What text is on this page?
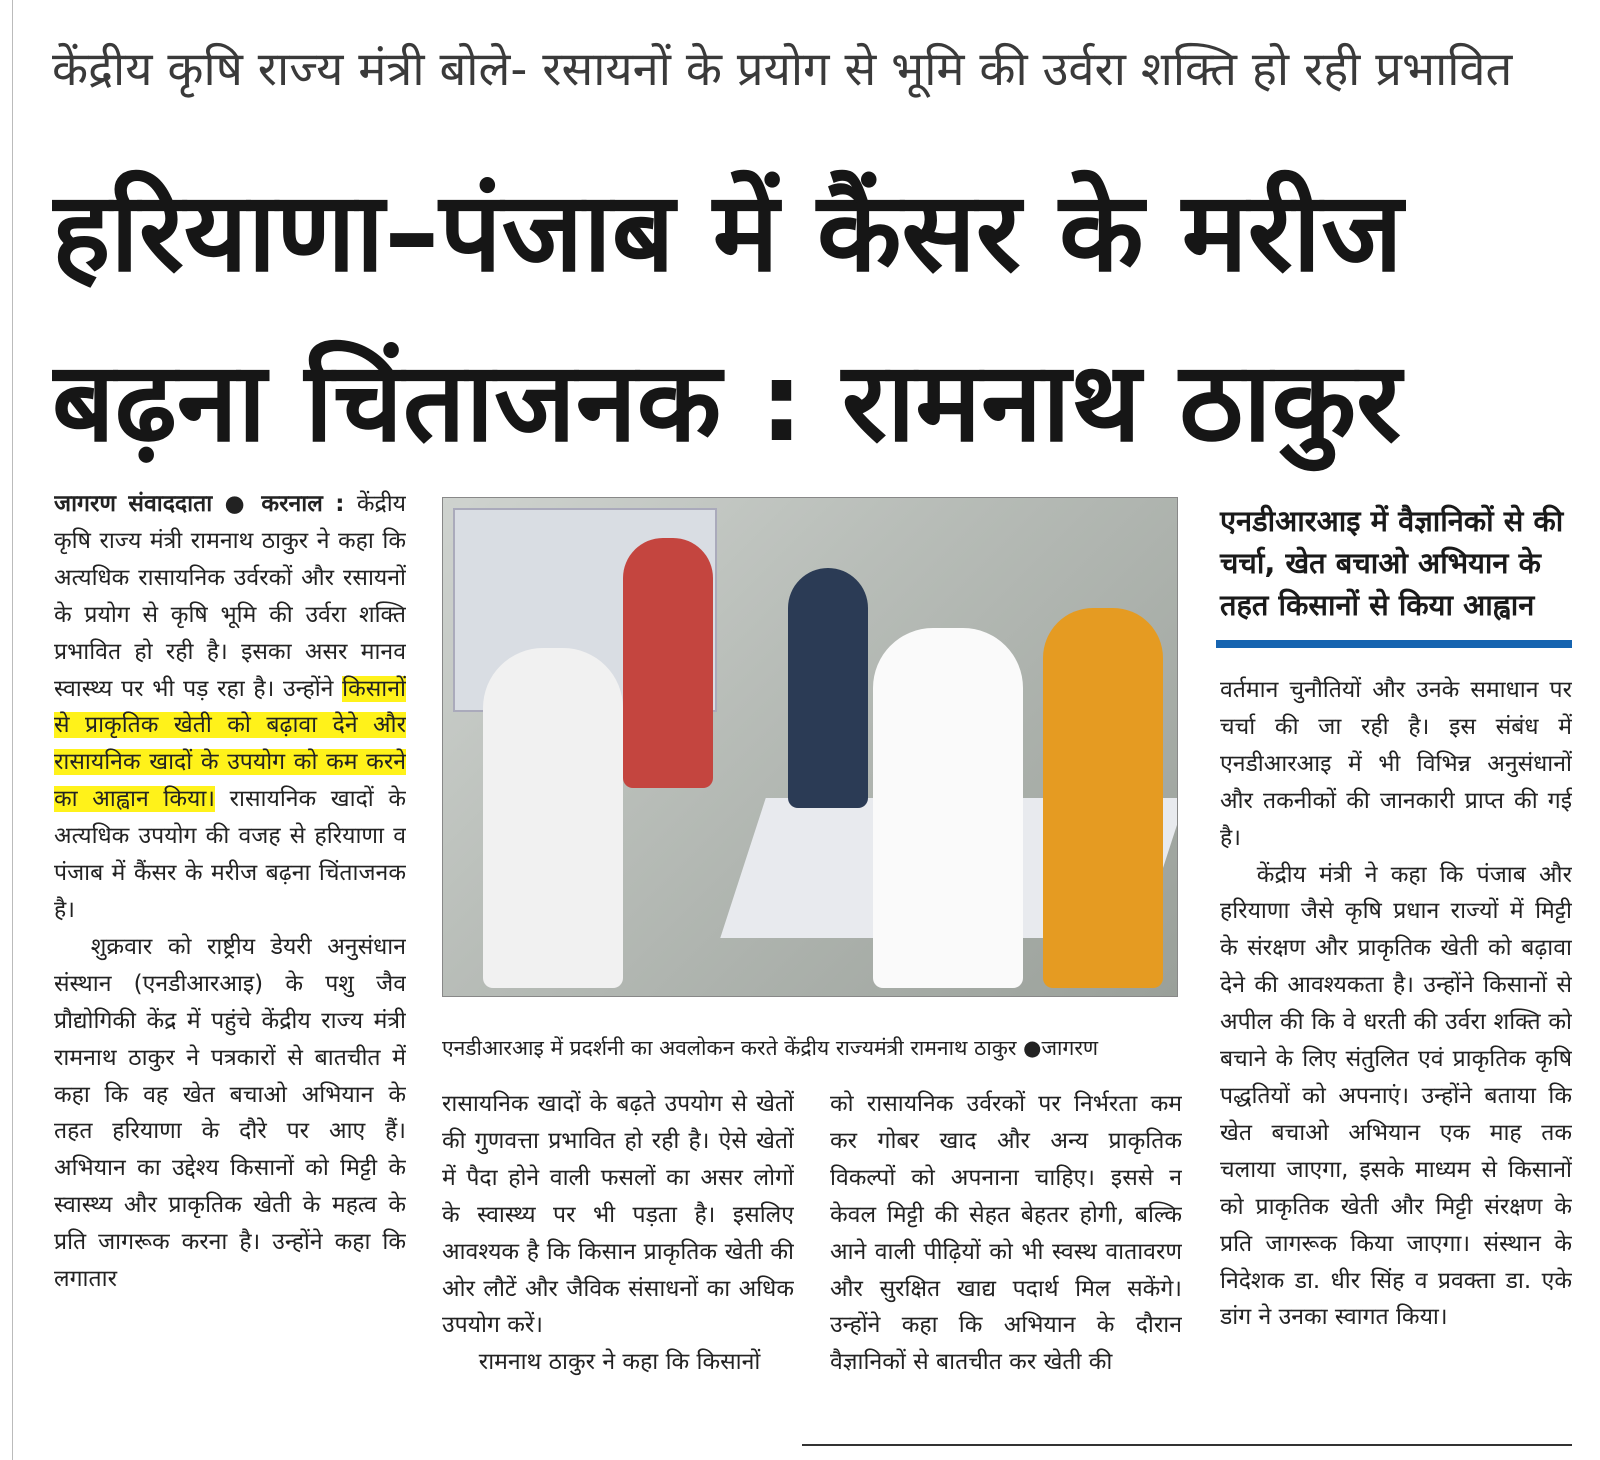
केंद्रीय कृषि राज्य मंत्री बोले- रसायनों के प्रयोग से भूमि की उर्वरा शक्ति हो रही प्रभावित
हरियाणा–पंजाब में कैंसर के मरीज
बढ़ना चिंताजनक : रामनाथ ठाकुर

जागरण संवाददाता ● करनाल : केंद्रीय कृषि राज्य मंत्री रामनाथ ठाकुर ने कहा कि अत्यधिक रासायनिक उर्वरकों और रसायनों के प्रयोग से कृषि भूमि की उर्वरा शक्ति प्रभावित हो रही है। इसका असर मानव स्वास्थ्य पर भी पड़ रहा है। उन्होंने किसानों से प्राकृतिक खेती को बढ़ावा देने और रासायनिक खादों के उपयोग को कम करने का आह्वान किया। रासायनिक खादों के अत्यधिक उपयोग की वजह से हरियाणा व पंजाब में कैंसर के मरीज बढ़ना चिंताजनक है।

शुक्रवार को राष्ट्रीय डेयरी अनुसंधान संस्थान (एनडीआरआइ) के पशु जैव प्रौद्योगिकी केंद्र में पहुंचे केंद्रीय राज्य मंत्री रामनाथ ठाकुर ने पत्रकारों से बातचीत में कहा कि वह खेत बचाओ अभियान के तहत हरियाणा के दौरे पर आए हैं। अभियान का उद्देश्य किसानों को मिट्टी के स्वास्थ्य और प्राकृतिक खेती के महत्व के प्रति जागरूक करना है। उन्होंने कहा कि लगातार

एनडीआरआइ में प्रदर्शनी का अवलोकन करते केंद्रीय राज्यमंत्री रामनाथ ठाकुर ●जागरण

रासायनिक खादों के बढ़ते उपयोग से खेतों की गुणवत्ता प्रभावित हो रही है। ऐसे खेतों में पैदा होने वाली फसलों का असर लोगों के स्वास्थ्य पर भी पड़ता है। इसलिए आवश्यक है कि किसान प्राकृतिक खेती की ओर लौटें और जैविक संसाधनों का अधिक उपयोग करें।

रामनाथ ठाकुर ने कहा कि किसानों

को रासायनिक उर्वरकों पर निर्भरता कम कर गोबर खाद और अन्य प्राकृतिक विकल्पों को अपनाना चाहिए। इससे न केवल मिट्टी की सेहत बेहतर होगी, बल्कि आने वाली पीढ़ियों को भी स्वस्थ वातावरण और सुरक्षित खाद्य पदार्थ मिल सकेंगे। उन्होंने कहा कि अभियान के दौरान वैज्ञानिकों से बातचीत कर खेती की

एनडीआरआइ में वैज्ञानिकों से की चर्चा, खेत बचाओ अभियान के तहत किसानों से किया आह्वान

वर्तमान चुनौतियों और उनके समाधान पर चर्चा की जा रही है। इस संबंध में एनडीआरआइ में भी विभिन्न अनुसंधानों और तकनीकों की जानकारी प्राप्त की गई है।

केंद्रीय मंत्री ने कहा कि पंजाब और हरियाणा जैसे कृषि प्रधान राज्यों में मिट्टी के संरक्षण और प्राकृतिक खेती को बढ़ावा देने की आवश्यकता है। उन्होंने किसानों से अपील की कि वे धरती की उर्वरा शक्ति को बचाने के लिए संतुलित एवं प्राकृतिक कृषि पद्धतियों को अपनाएं। उन्होंने बताया कि खेत बचाओ अभियान एक माह तक चलाया जाएगा, इसके माध्यम से किसानों को प्राकृतिक खेती और मिट्टी संरक्षण के प्रति जागरूक किया जाएगा। संस्थान के निदेशक डा. धीर सिंह व प्रवक्ता डा. एके डांग ने उनका स्वागत किया।
